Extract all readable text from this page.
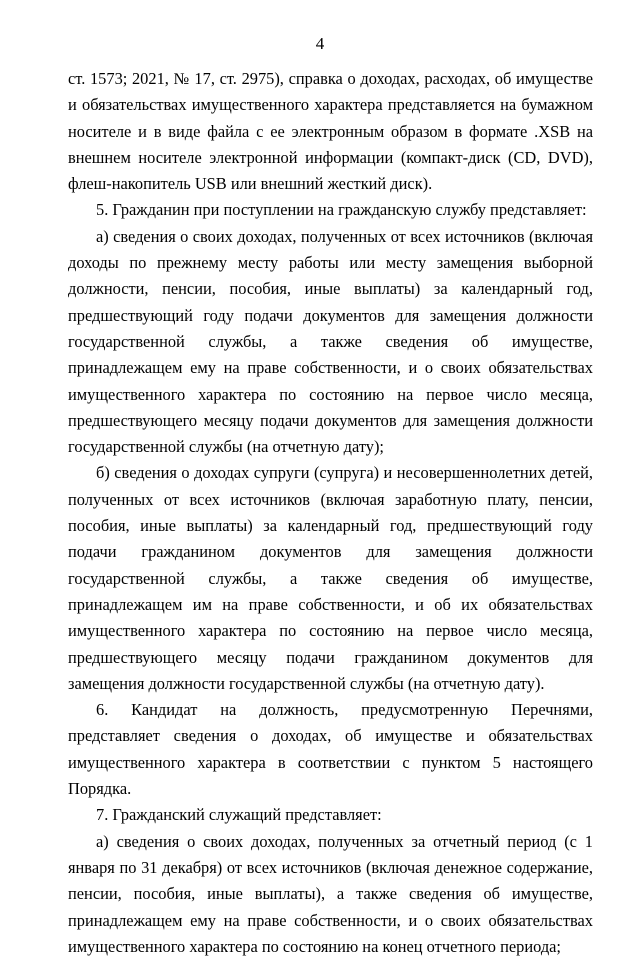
4

ст. 1573; 2021, № 17, ст. 2975), справка о доходах, расходах, об имуществе и обязательствах имущественного характера представляется на бумажном носителе и в виде файла с ее электронным образом в формате .XSB на внешнем носителе электронной информации (компакт-диск (CD, DVD), флеш-накопитель USB или внешний жесткий диск).

5. Гражданин при поступлении на гражданскую службу представляет:

а) сведения о своих доходах, полученных от всех источников (включая доходы по прежнему месту работы или месту замещения выборной должности, пенсии, пособия, иные выплаты) за календарный год, предшествующий году подачи документов для замещения должности государственной службы, а также сведения об имуществе, принадлежащем ему на праве собственности, и о своих обязательствах имущественного характера по состоянию на первое число месяца, предшествующего месяцу подачи документов для замещения должности государственной службы (на отчетную дату);

б) сведения о доходах супруги (супруга) и несовершеннолетних детей, полученных от всех источников (включая заработную плату, пенсии, пособия, иные выплаты) за календарный год, предшествующий году подачи гражданином документов для замещения должности государственной службы, а также сведения об имуществе, принадлежащем им на праве собственности, и об их обязательствах имущественного характера по состоянию на первое число месяца, предшествующего месяцу подачи гражданином документов для замещения должности государственной службы (на отчетную дату).

6. Кандидат на должность, предусмотренную Перечнями, представляет сведения о доходах, об имуществе и обязательствах имущественного характера в соответствии с пунктом 5 настоящего Порядка.

7. Гражданский служащий представляет:

а) сведения о своих доходах, полученных за отчетный период (с 1 января по 31 декабря) от всех источников (включая денежное содержание, пенсии, пособия, иные выплаты), а также сведения об имуществе, принадлежащем ему на праве собственности, и о своих обязательствах имущественного характера по состоянию на конец отчетного периода;
